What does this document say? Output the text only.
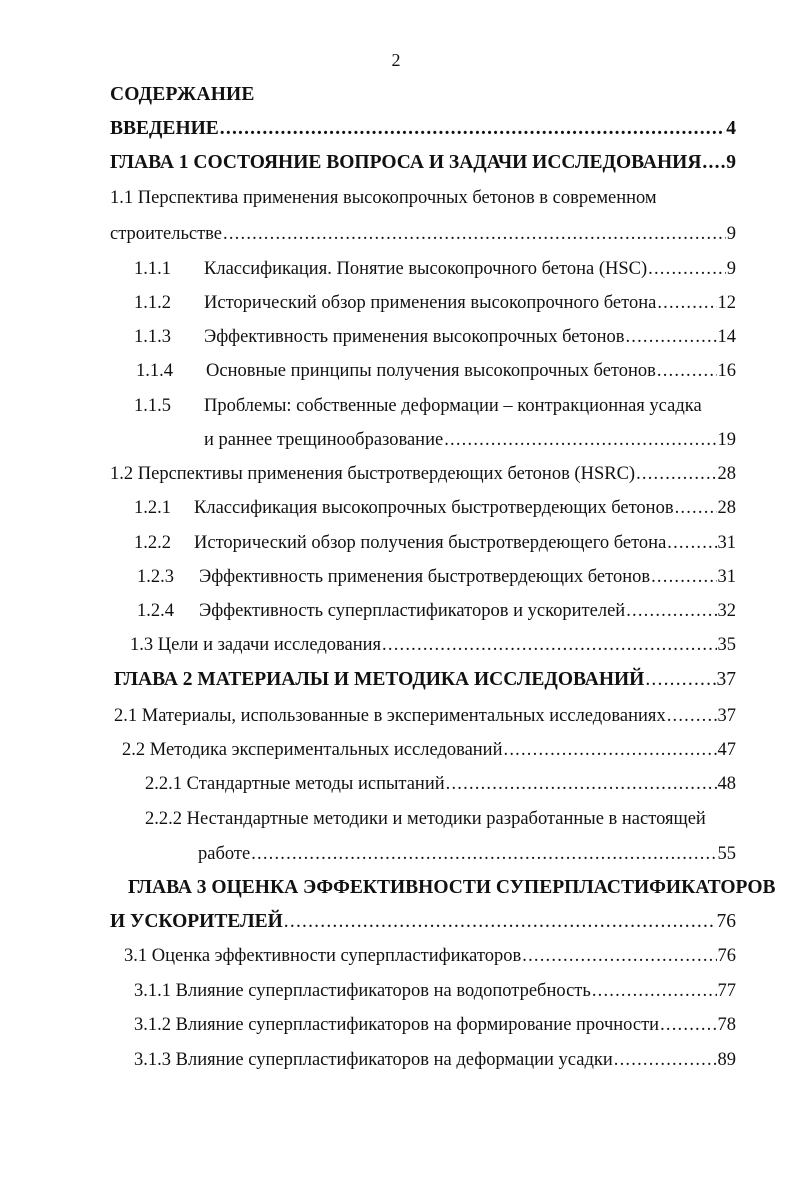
2
СОДЕРЖАНИЕ
ВВЕДЕНИЕ .....	4
ГЛАВА 1 СОСТОЯНИЕ ВОПРОСА И ЗАДАЧИ ИССЛЕДОВАНИЯ ..... 9
1.1 Перспектива применения высокопрочных бетонов в современном
строительстве .....	9
1.1.1	Классификация. Понятие высокопрочного бетона (HSC) .....	9
1.1.2	Исторический обзор применения высокопрочного бетона .....	12
1.1.3	Эффективность применения высокопрочных бетонов .....	14
1.1.4	Основные принципы получения высокопрочных бетонов .....	16
1.1.5 Проблемы: собственные деформации – контракционная усадка
и раннее трещинообразование .....	19
1.2 Перспективы применения быстротвердеющих бетонов (HSRC) .....	28
1.2.1	Классификация высокопрочных быстротвердеющих бетонов ..... 28
1.2.2	Исторический обзор получения быстротвердеющего бетона .....	31
1.2.3	Эффективность применения быстротвердеющих бетонов .....	31
1.2.4	Эффективность суперпластификаторов и ускорителей .....	32
1.3 Цели и задачи исследования .....	35
ГЛАВА 2 МАТЕРИАЛЫ И МЕТОДИКА ИССЛЕДОВАНИЙ .....	37
2.1 Материалы, использованные в экспериментальных исследованиях .....	37
2.2 Методика экспериментальных исследований .....	47
2.2.1 Стандартные методы испытаний .....	48
2.2.2 Нестандартные методики и методики разработанные в настоящей
работе .....	55
ГЛАВА 3 ОЦЕНКА ЭФФЕКТИВНОСТИ СУПЕРПЛАСТИФИКАТОРОВ
И УСКОРИТЕЛЕЙ .....	76
3.1 Оценка эффективности суперпластификаторов .....	76
3.1.1 Влияние суперпластификаторов на водопотребность .....	77
3.1.2 Влияние суперпластификаторов на формирование прочности .....	78
3.1.3 Влияние суперпластификаторов на деформации усадки .....	89
